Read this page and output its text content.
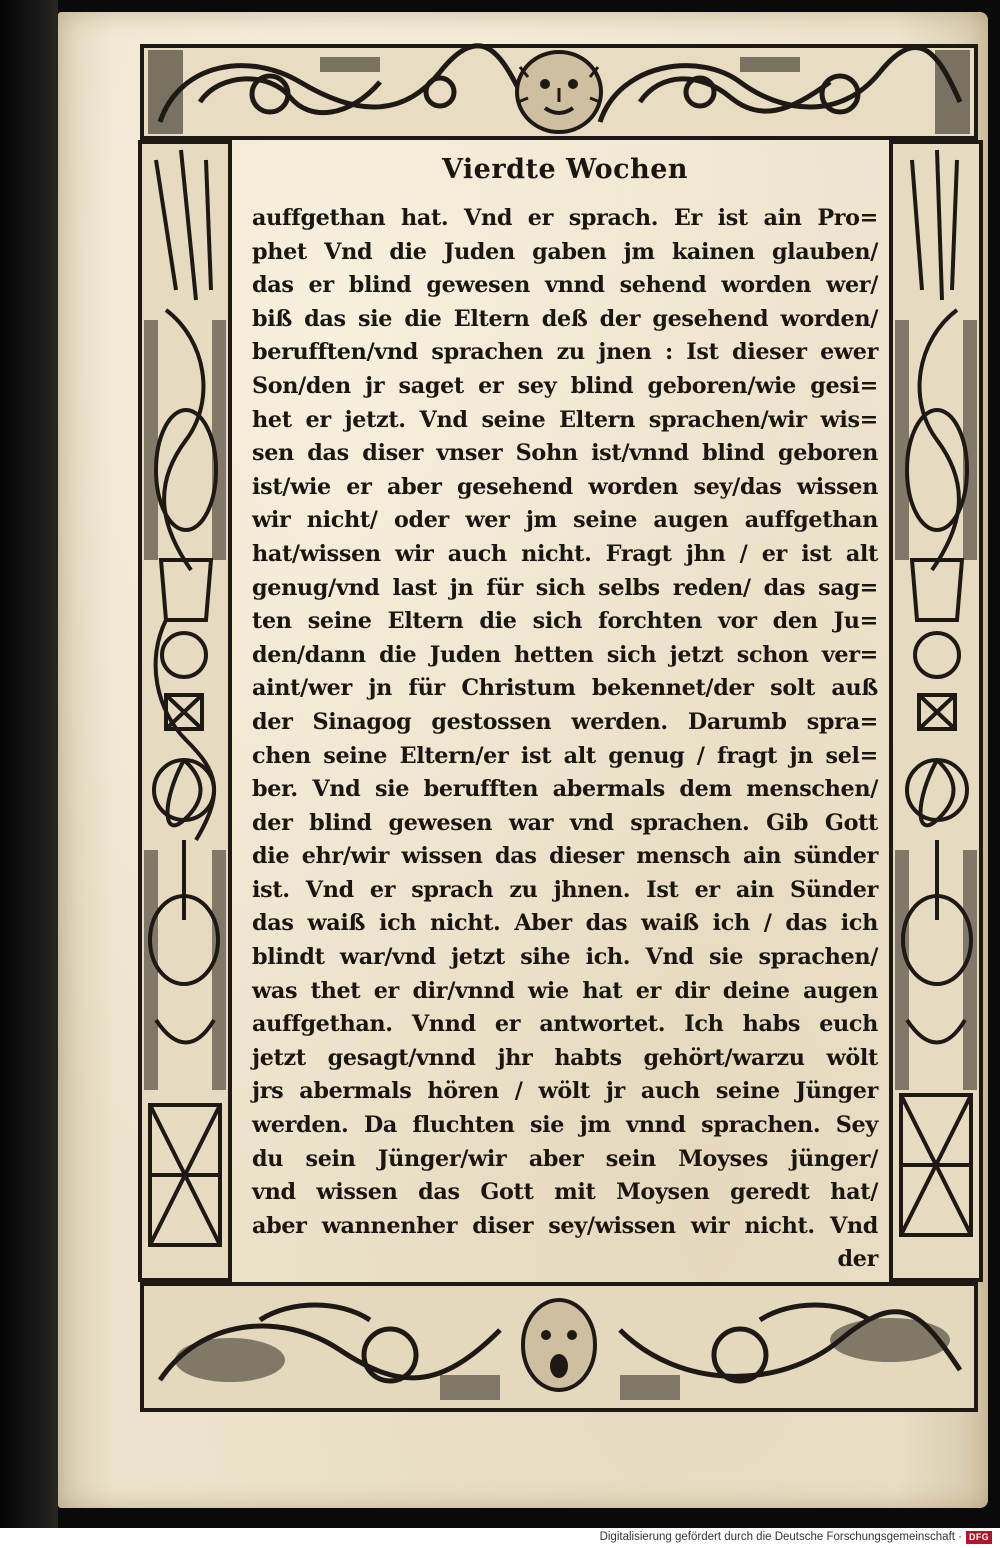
Vierdte Wochen
auffgethan hat. Vnd er sprach. Er ist ain Pro=
phet Vnd die Juden gaben jm kainen glauben/
das er blind gewesen vnnd sehend worden wer/
biß das sie die Eltern deß der gesehend worden/
berufften/vnd sprachen zu jnen : Ist dieser ewer
Son/den jr saget er sey blind geboren/wie gesi=
het er jetzt. Vnd seine Eltern sprachen/wir wis=
sen das diser vnser Sohn ist/vnnd blind geboren
ist/wie er aber gesehend worden sey/das wissen
wir nicht/ oder wer jm seine augen auffgethan
hat/wissen wir auch nicht. Fragt jhn / er ist alt
genug/vnd last jn für sich selbs reden/ das sag=
ten seine Eltern die sich forchten vor den Ju=
den/dann die Juden hetten sich jetzt schon ver=
aint/wer jn für Christum bekennet/der solt auß
der Sinagog gestossen werden. Darumb spra=
chen seine Eltern/er ist alt genug / fragt jn sel=
ber. Vnd sie berufften abermals dem menschen/
der blind gewesen war vnd sprachen. Gib Gott
die ehr/wir wissen das dieser mensch ain sünder
ist. Vnd er sprach zu jhnen. Ist er ain Sünder
das waiß ich nicht. Aber das waiß ich / das ich
blindt war/vnd jetzt sihe ich. Vnd sie sprachen/
was thet er dir/vnnd wie hat er dir deine augen
auffgethan. Vnnd er antwortet. Ich habs euch
jetzt gesagt/vnnd jhr habts gehört/warzu wölt
jrs abermals hören / wölt jr auch seine Jünger
werden. Da fluchten sie jm vnnd sprachen. Sey
du sein Jünger/wir aber sein Moyses jünger/
vnd wissen das Gott mit Moysen geredt hat/
aber wannenher diser sey/wissen wir nicht. Vnd
der
Digitalisierung gefördert durch die Deutsche Forschungsgemeinschaft · DFG
